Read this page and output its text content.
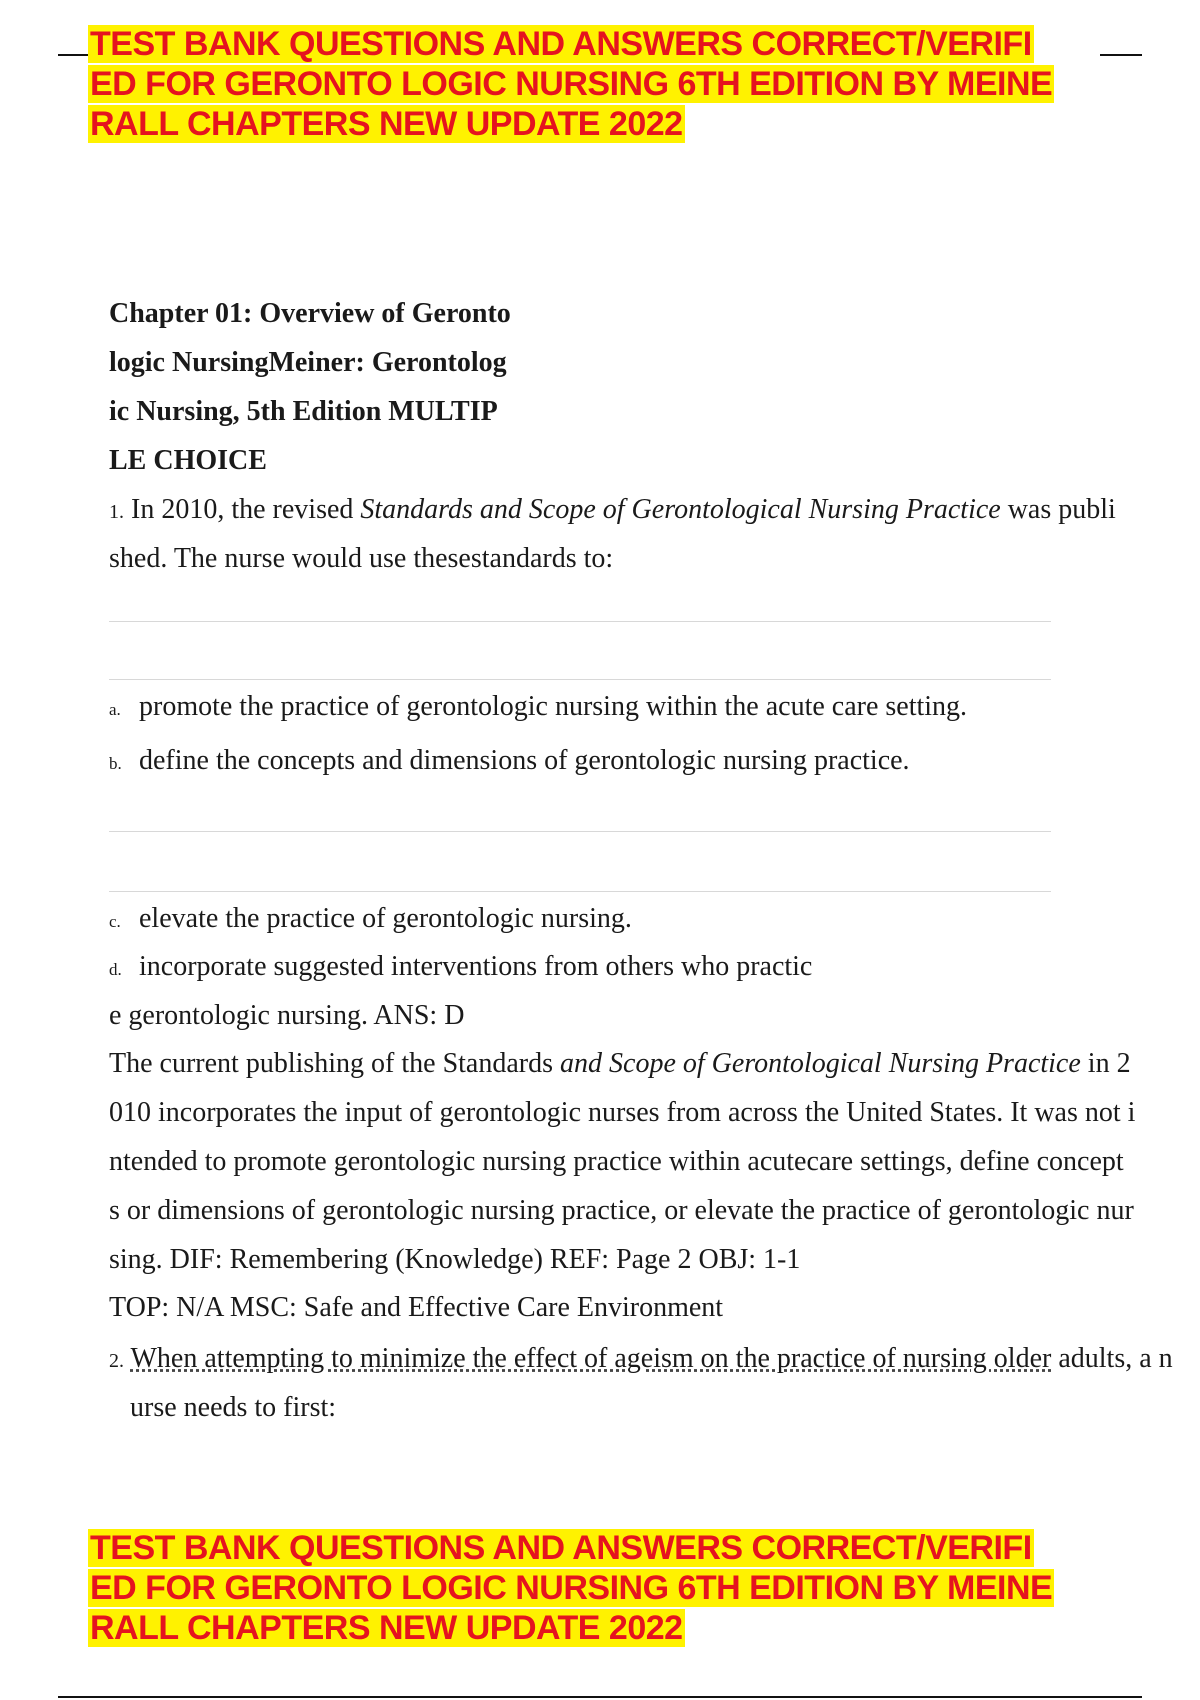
TEST BANK QUESTIONS AND ANSWERS CORRECT/VERIFI
ED FOR GERONTO LOGIC NURSING 6TH EDITION BY MEINE
RALL CHAPTERS NEW UPDATE 2022
Chapter 01: Overview of Geronto
logic NursingMeiner: Gerontolog
ic Nursing, 5th Edition MULTIP
LE CHOICE
1. In 2010, the revised Standards and Scope of Gerontological Nursing Practice was publi
shed. The nurse would use thesestandards to:
a. promote the practice of gerontologic nursing within the acute care setting.
b. define the concepts and dimensions of gerontologic nursing practice.
c. elevate the practice of gerontologic nursing.
d. incorporate suggested interventions from others who practic
e gerontologic nursing. ANS: D
The current publishing of the Standards and Scope of Gerontological Nursing Practice in 2
010 incorporates the input of gerontologic nurses from across the United States. It was not i
ntended to promote gerontologic nursing practice within acutecare settings, define concept
s or dimensions of gerontologic nursing practice, or elevate the practice of gerontologic nur
sing. DIF: Remembering (Knowledge) REF: Page 2 OBJ: 1-1
TOP: N/A MSC: Safe and Effective Care Environment
2. When attempting to minimize the effect of ageism on the practice of nursing older adults, a n
urse needs to first:
TEST BANK QUESTIONS AND ANSWERS CORRECT/VERIFI
ED FOR GERONTO LOGIC NURSING 6TH EDITION BY MEINE
RALL CHAPTERS NEW UPDATE 2022
